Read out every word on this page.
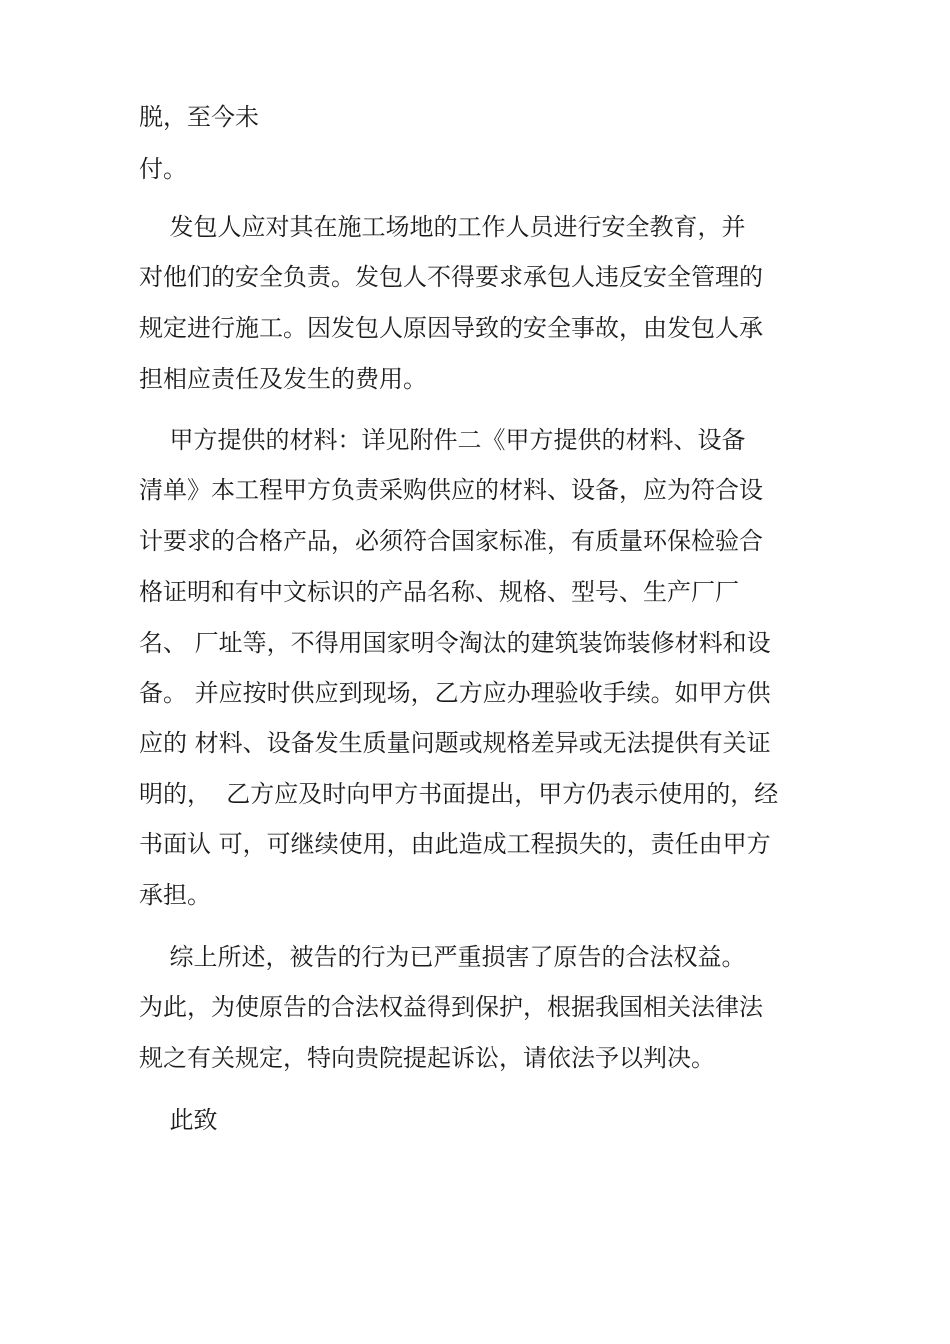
脱，至今未
付。
发包人应对其在施工场地的工作人员进行安全教育，并
对他们的安全负责。发包人不得要求承包人违反安全管理的
规定进行施工。因发包人原因导致的安全事故，由发包人承
担相应责任及发生的费用。
甲方提供的材料：详见附件二《甲方提供的材料、设备
清单》本工程甲方负责采购供应的材料、设备，应为符合设
计要求的合格产品，必须符合国家标准，有质量环保检验合
格证明和有中文标识的产品名称、规格、型号、生产厂厂
名、 厂址等，不得用国家明令淘汰的建筑装饰装修材料和设
备。 并应按时供应到现场，乙方应办理验收手续。如甲方供
应的 材料、设备发生质量问题或规格差异或无法提供有关证
明的，  乙方应及时向甲方书面提出，甲方仍表示使用的，经
书面认 可，可继续使用，由此造成工程损失的，责任由甲方
承担。
综上所述，被告的行为已严重损害了原告的合法权益。
为此，为使原告的合法权益得到保护，根据我国相关法律法
规之有关规定，特向贵院提起诉讼，请依法予以判决。
此致
